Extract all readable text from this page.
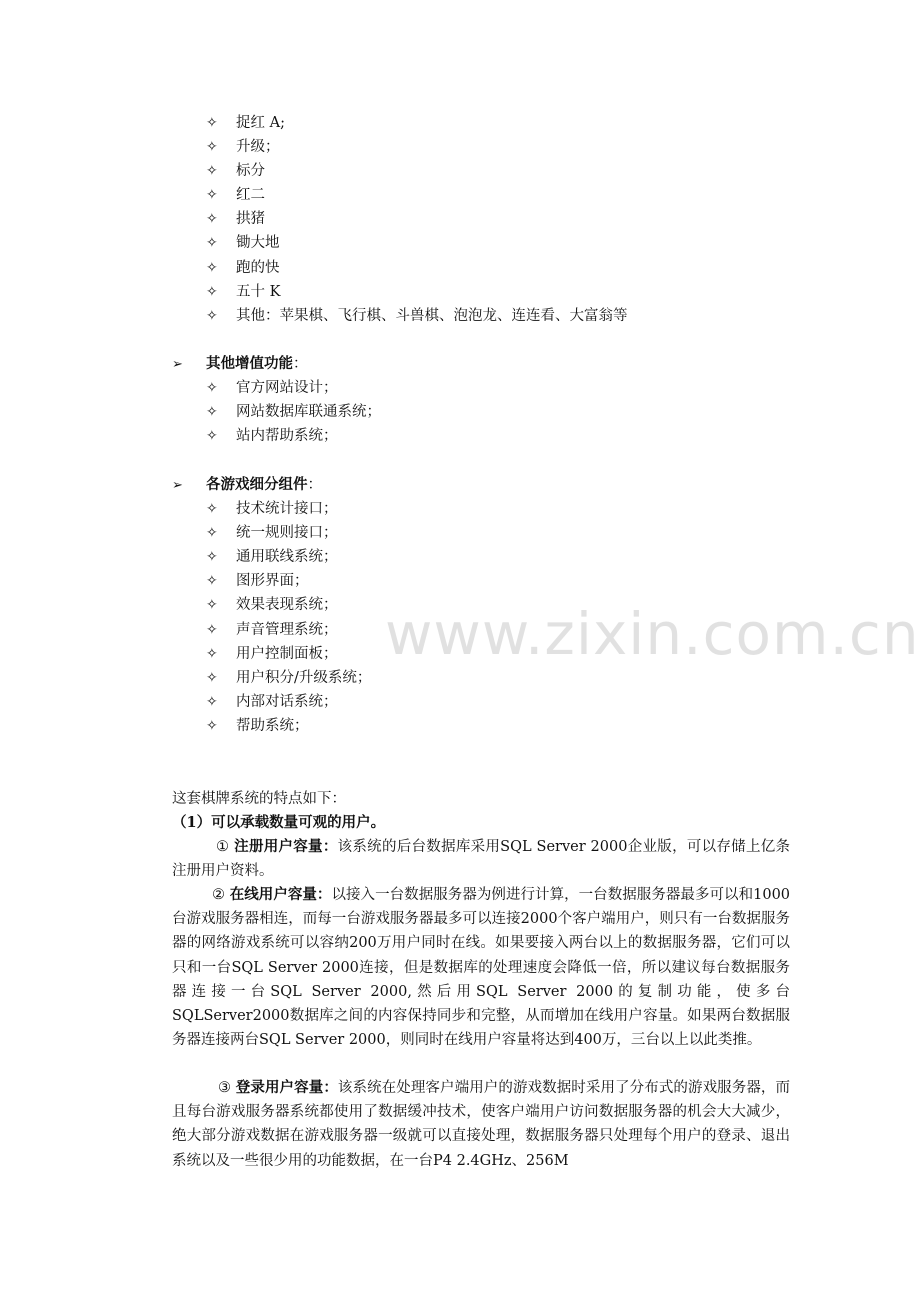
✧ 捉红 A;
✧ 升级；
✧ 标分
✧ 红二
✧ 拱猪
✧ 锄大地
✧ 跑的快
✧ 五十 K
✧ 其他：苹果棋、飞行棋、斗兽棋、泡泡龙、连连看、大富翁等
➢ 其他增值功能：
✧ 官方网站设计；
✧ 网站数据库联通系统；
✧ 站内帮助系统；
➢ 各游戏细分组件：
✧ 技术统计接口；
✧ 统一规则接口；
✧ 通用联线系统；
✧ 图形界面；
✧ 效果表现系统；
✧ 声音管理系统；
✧ 用户控制面板；
✧ 用户积分/升级系统；
✧ 内部对话系统；
✧ 帮助系统；
这套棋牌系统的特点如下：
（1）可以承载数量可观的用户。
① 注册用户容量：该系统的后台数据库采用SQL Server 2000企业版，可以存储上亿条注册用户资料。
② 在线用户容量：以接入一台数据服务器为例进行计算，一台数据服务器最多可以和1000台游戏服务器相连，而每一台游戏服务器最多可以连接2000个客户端用户，则只有一台数据服务器的网络游戏系统可以容纳200万用户同时在线。如果要接入两台以上的数据服务器，它们可以只和一台SQL Server 2000连接，但是数据库的处理速度会降低一倍，所以建议每台数据服务器连接一台SQL Server 2000,然后用SQL Server 2000的复制功能，使多台SQLServer2000数据库之间的内容保持同步和完整，从而增加在线用户容量。如果两台数据服务器连接两台SQL Server 2000，则同时在线用户容量将达到400万，三台以上以此类推。
③ 登录用户容量：该系统在处理客户端用户的游戏数据时采用了分布式的游戏服务器，而且每台游戏服务器系统都使用了数据缓冲技术，使客户端用户访问数据服务器的机会大大减少，绝大部分游戏数据在游戏服务器一级就可以直接处理，数据服务器只处理每个用户的登录、退出系统以及一些很少用的功能数据，在一台P4 2.4GHz、256M
www.zixin.com.cn
